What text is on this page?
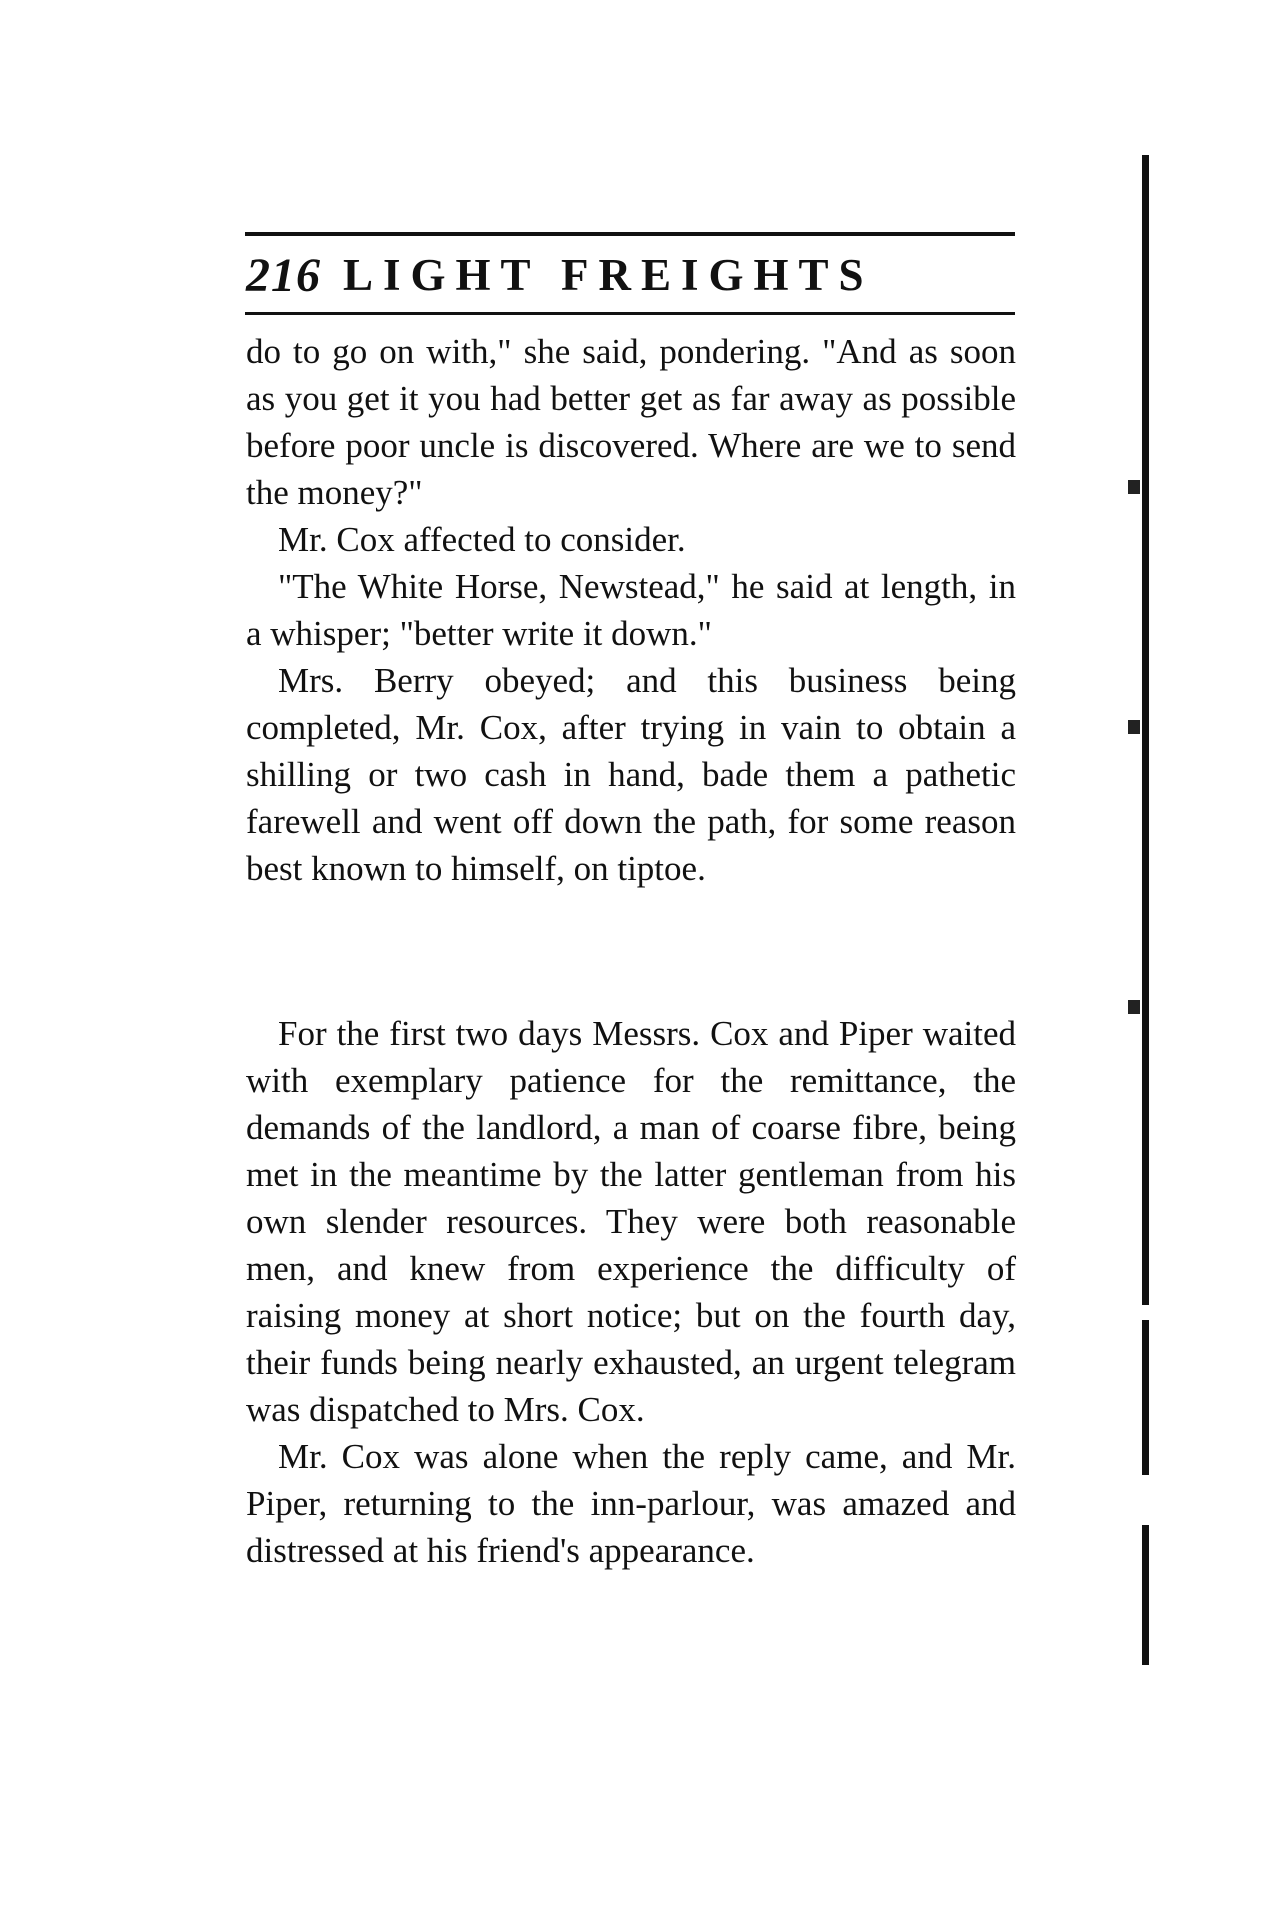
216 LIGHT FREIGHTS

do to go on with," she said, pondering. "And as soon as you get it you had better get as far away as possible before poor uncle is discovered. Where are we to send the money?"

Mr. Cox affected to consider.

"The White Horse, Newstead," he said at length, in a whisper; "better write it down."

Mrs. Berry obeyed; and this business being completed, Mr. Cox, after trying in vain to obtain a shilling or two cash in hand, bade them a pathetic farewell and went off down the path, for some reason best known to himself, on tiptoe.

For the first two days Messrs. Cox and Piper waited with exemplary patience for the remittance, the demands of the landlord, a man of coarse fibre, being met in the meantime by the latter gentleman from his own slender resources. They were both reasonable men, and knew from experience the difficulty of raising money at short notice; but on the fourth day, their funds being nearly exhausted, an urgent telegram was dispatched to Mrs. Cox.

Mr. Cox was alone when the reply came, and Mr. Piper, returning to the inn-parlour, was amazed and distressed at his friend's appearance.
